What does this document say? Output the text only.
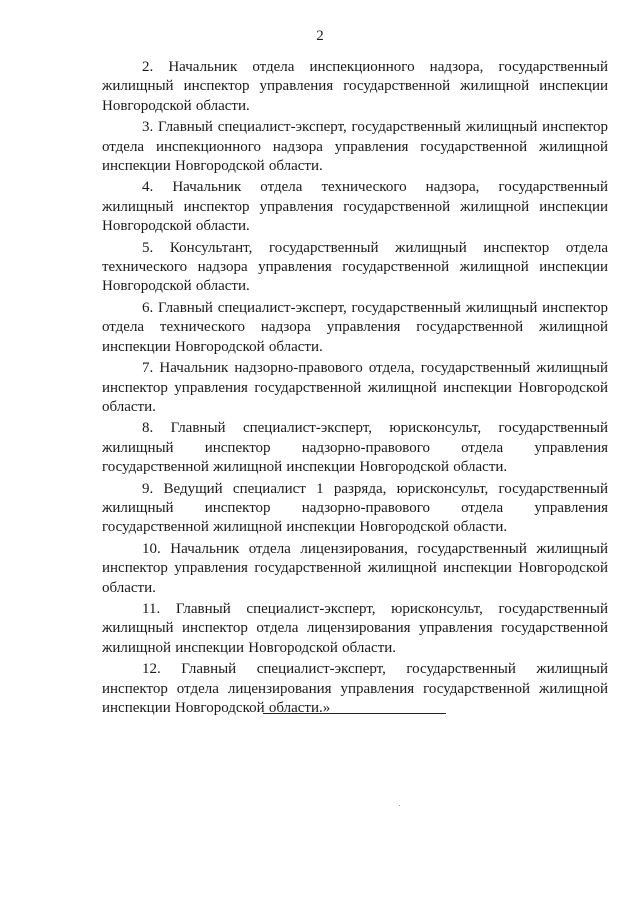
2

2. Начальник отдела инспекционного надзора, государственный жилищный инспектор управления государственной жилищной инспекции Новгородской области.

3. Главный специалист-эксперт, государственный жилищный инспектор отдела инспекционного надзора управления государственной жилищной инспекции Новгородской области.

4. Начальник отдела технического надзора, государственный жилищный инспектор управления государственной жилищной инспекции Новгородской области.

5. Консультант, государственный жилищный инспектор отдела технического надзора управления государственной жилищной инспекции Новгородской области.

6. Главный специалист-эксперт, государственный жилищный инспектор отдела технического надзора управления государственной жилищной инспекции Новгородской области.

7. Начальник надзорно-правового отдела, государственный жилищный инспектор управления государственной жилищной инспекции Новгородской области.

8. Главный специалист-эксперт, юрисконсульт, государственный жилищный инспектор надзорно-правового отдела управления государственной жилищной инспекции Новгородской области.

9. Ведущий специалист 1 разряда, юрисконсульт, государственный жилищный инспектор надзорно-правового отдела управления государственной жилищной инспекции Новгородской области.

10. Начальник отдела лицензирования, государственный жилищный инспектор управления государственной жилищной инспекции Новгородской области.

11. Главный специалист-эксперт, юрисконсульт, государственный жилищный инспектор отдела лицензирования управления государственной жилищной инспекции Новгородской области.

12. Главный специалист-эксперт, государственный жилищный инспектор отдела лицензирования управления государственной жилищной инспекции Новгородской области.»
